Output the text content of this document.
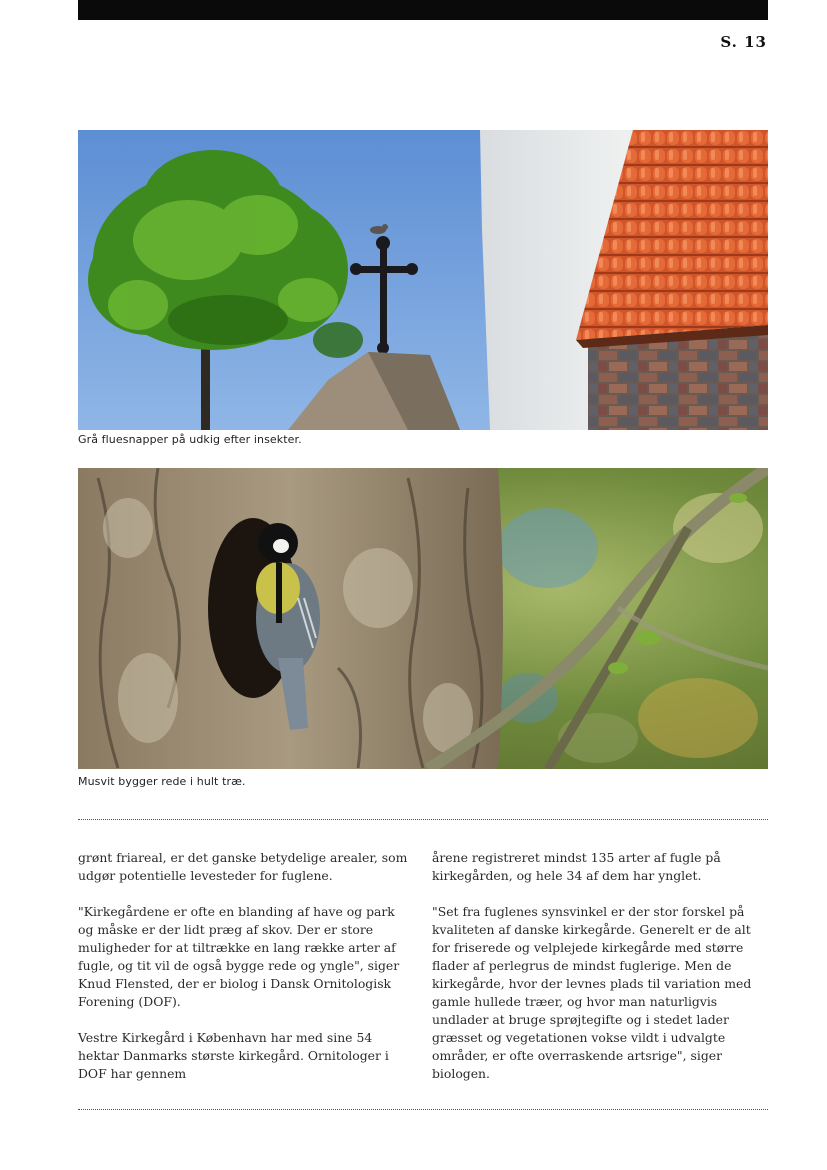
S. 13
Grå fluesnapper på udkig efter insekter.
Musvit bygger rede i hult træ.

grønt friareal, er det ganske betydelige arealer, som udgør potentielle levesteder for fuglene.

"Kirkegårdene er ofte en blanding af have og park og måske er der lidt præg af skov. Der er store muligheder for at tiltrække en lang række arter af fugle, og tit vil de også bygge rede og yngle", siger Knud Flensted, der er biolog i Dansk Ornitologisk Forening (DOF).

Vestre Kirkegård i København har med sine 54 hektar Danmarks største kirkegård. Ornitologer i DOF har gennem

årene registreret mindst 135 arter af fugle på kirkegården, og hele 34 af dem har ynglet.

"Set fra fuglenes synsvinkel er der stor forskel på kvaliteten af danske kirkegårde. Generelt er de alt for friserede og velplejede kirkegårde med større flader af perlegrus de mindst fuglerige. Men de kirkegårde, hvor der levnes plads til variation med gamle hullede træer, og hvor man naturligvis undlader at bruge sprøjtegifte og i stedet lader græsset og vegetationen vokse vildt i udvalgte områder, er ofte overraskende artsrige", siger biologen.
